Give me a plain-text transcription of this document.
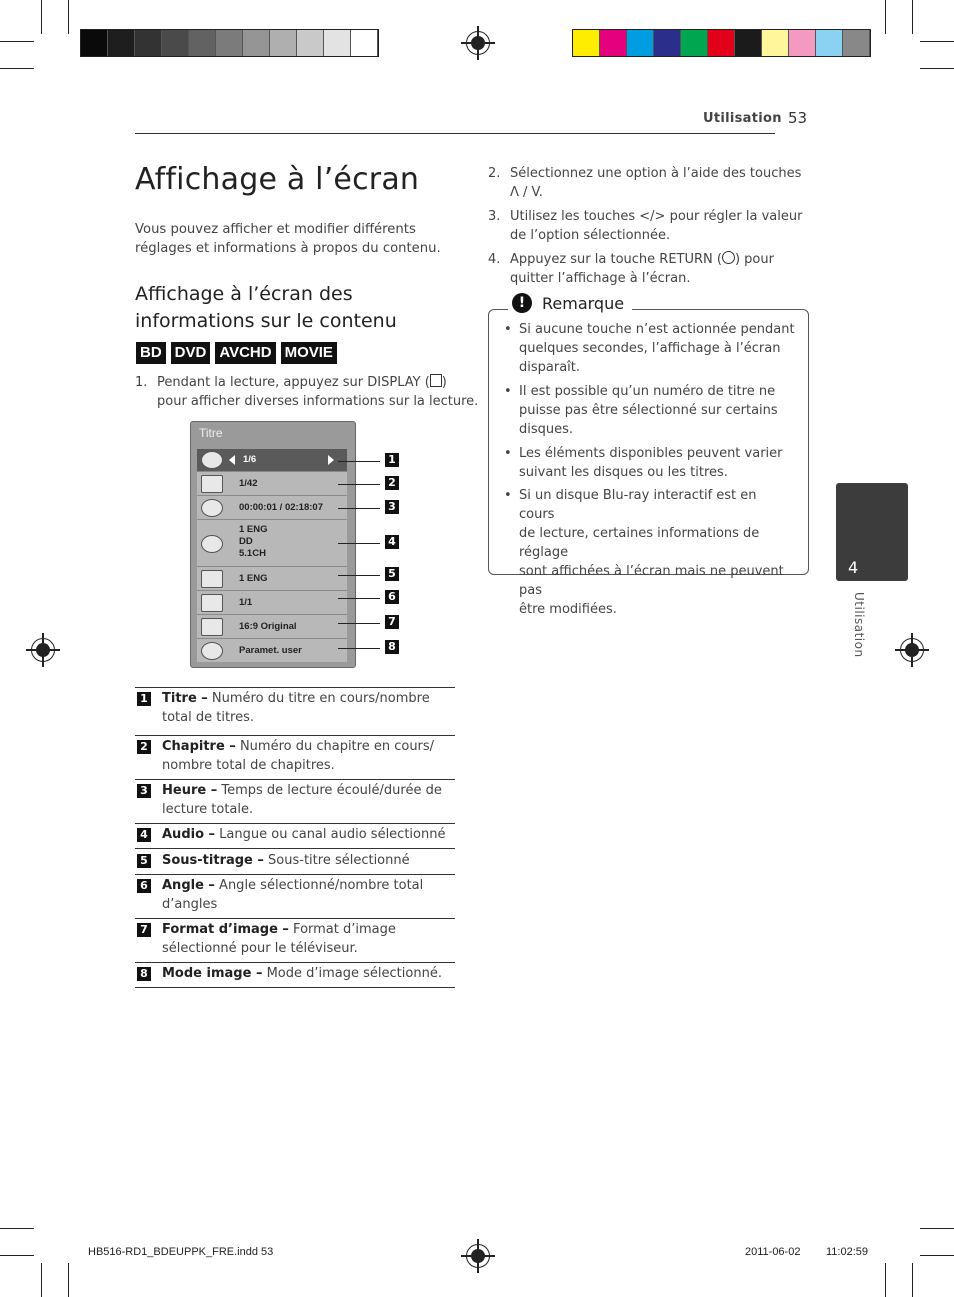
Utilisation 53
Affichage à l’écran

Vous pouvez afficher et modifier différents réglages et informations à propos du contenu.

Affichage à l’écran des
informations sur le contenu
BD DVD AVCHD MOVIE
1. Pendant la lecture, appuyez sur DISPLAY ( )
pour afficher diverses informations sur la lecture.
Titre
1/6
1/42
00:00:01 / 02:18:07
1 ENG
DD
5.1CH
1 ENG
1/1
16:9 Original
Paramet. user
1
2
3
4
5
6
7
8
1 Titre – Numéro du titre en cours/nombre
total de titres.
2 Chapitre – Numéro du chapitre en cours/
nombre total de chapitres.
3 Heure – Temps de lecture écoulé/durée de
lecture totale.
4 Audio – Langue ou canal audio sélectionné
5 Sous-titrage – Sous-titre sélectionné
6 Angle – Angle sélectionné/nombre total
d’angles
7 Format d’image – Format d’image
sélectionné pour le téléviseur.
8 Mode image – Mode d’image sélectionné.
2. Sélectionnez une option à l’aide des touches
Λ / V.
3. Utilisez les touches </> pour régler la valeur
de l’option sélectionnée.
4. Appuyez sur la touche RETURN ( ) pour
quitter l’affichage à l’écran.
!	Remarque
• Si aucune touche n’est actionnée pendant
quelques secondes, l’affichage à l’écran
disparaît.
• Il est possible qu’un numéro de titre ne
puisse pas être sélectionné sur certains
disques.
• Les éléments disponibles peuvent varier
suivant les disques ou les titres.
• Si un disque Blu-ray interactif est en cours
de lecture, certaines informations de réglage
sont affichées à l’écran mais ne peuvent pas
être modifiées.
4
Utilisation
HB516-RD1_BDEUPPK_FRE.indd 53	2011-06-02 11:02:59
